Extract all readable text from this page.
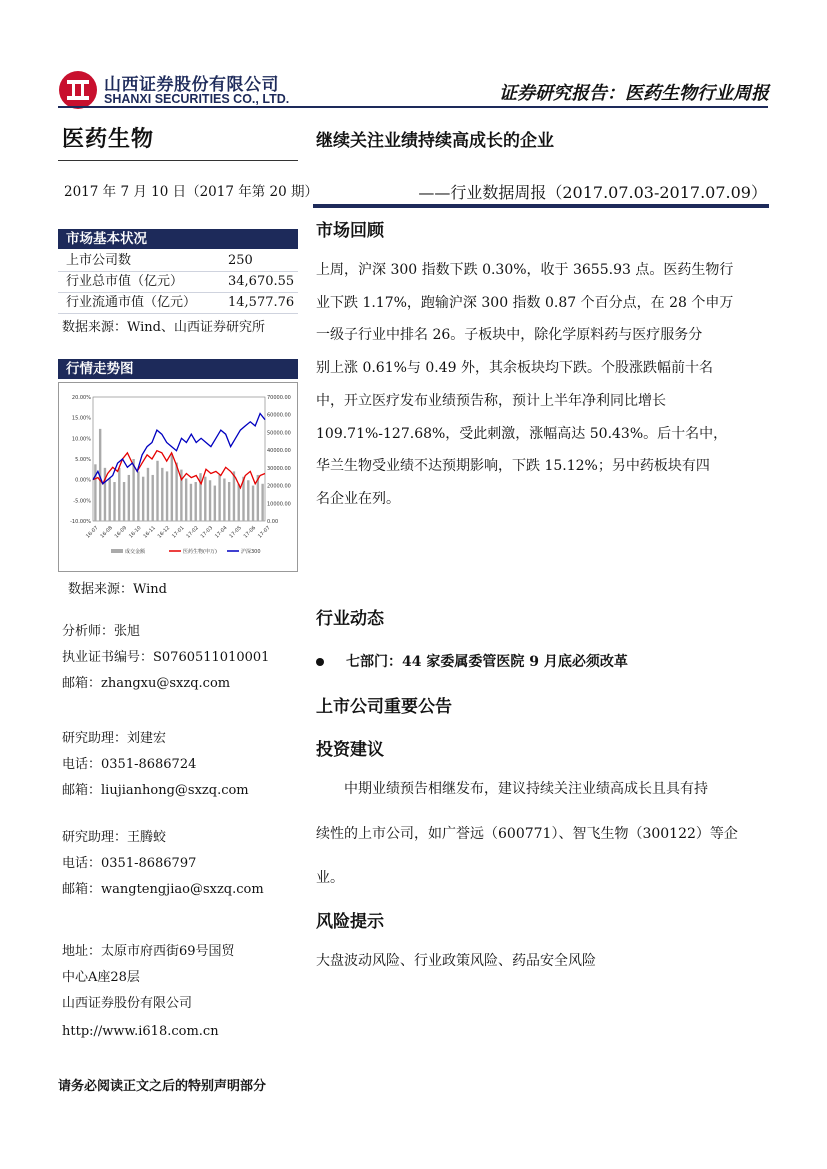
山西证券股份有限公司
SHANXI SECURITIES CO., LTD.	证券研究报告：医药生物行业周报
医药生物
2017 年 7 月 10 日（2017 年第 20 期）
市场基本状况
上市公司数	250
行业总市值（亿元）	34,670.55
行业流通市值（亿元）	14,577.76
数据来源：Wind、山西证券研究所
行情走势图
20.00%
15.00%
10.00%
5.00%
0.00%
-5.00%
-10.00%
70000.00
60000.00
50000.00
40000.00
30000.00
20000.00
10000.00
0.00
16-07 16-08 16-09 16-10 16-11 16-12 17-01 17-02 17-03 17-04 17-05 17-06 17-07
成交金额	医药生物(申万)	沪深300
数据来源：Wind
分析师：张旭
执业证书编号：S0760511010001
邮箱：zhangxu@sxzq.com
研究助理：刘建宏
电话：0351-8686724
邮箱：liujianhong@sxzq.com
研究助理：王腾蛟
电话：0351-8686797
邮箱：wangtengjiao@sxzq.com
地址：太原市府西街69号国贸
中心A座28层
山西证券股份有限公司
http://www.i618.com.cn
继续关注业绩持续高成长的企业
——行业数据周报（2017.07.03-2017.07.09）
市场回顾
上周，沪深 300 指数下跌 0.30%，收于 3655.93 点。医药生物行
业下跌 1.17%，跑输沪深 300 指数 0.87 个百分点，在 28 个申万
一级子行业中排名 26。子板块中，除化学原料药与医疗服务分
别上涨 0.61%与 0.49 外，其余板块均下跌。个股涨跌幅前十名
中，开立医疗发布业绩预告称，预计上半年净利同比增长
109.71%-127.68%，受此刺激，涨幅高达 50.43%。后十名中，
华兰生物受业绩不达预期影响，下跌 15.12%；另中药板块有四
名企业在列。
行业动态
七部门：44 家委属委管医院 9 月底必须改革
上市公司重要公告
投资建议
中期业绩预告相继发布，建议持续关注业绩高成长且具有持
续性的上市公司，如广誉远（600771）、智飞生物（300122）等企
业。
风险提示
大盘波动风险、行业政策风险、药品安全风险
请务必阅读正文之后的特别声明部分
